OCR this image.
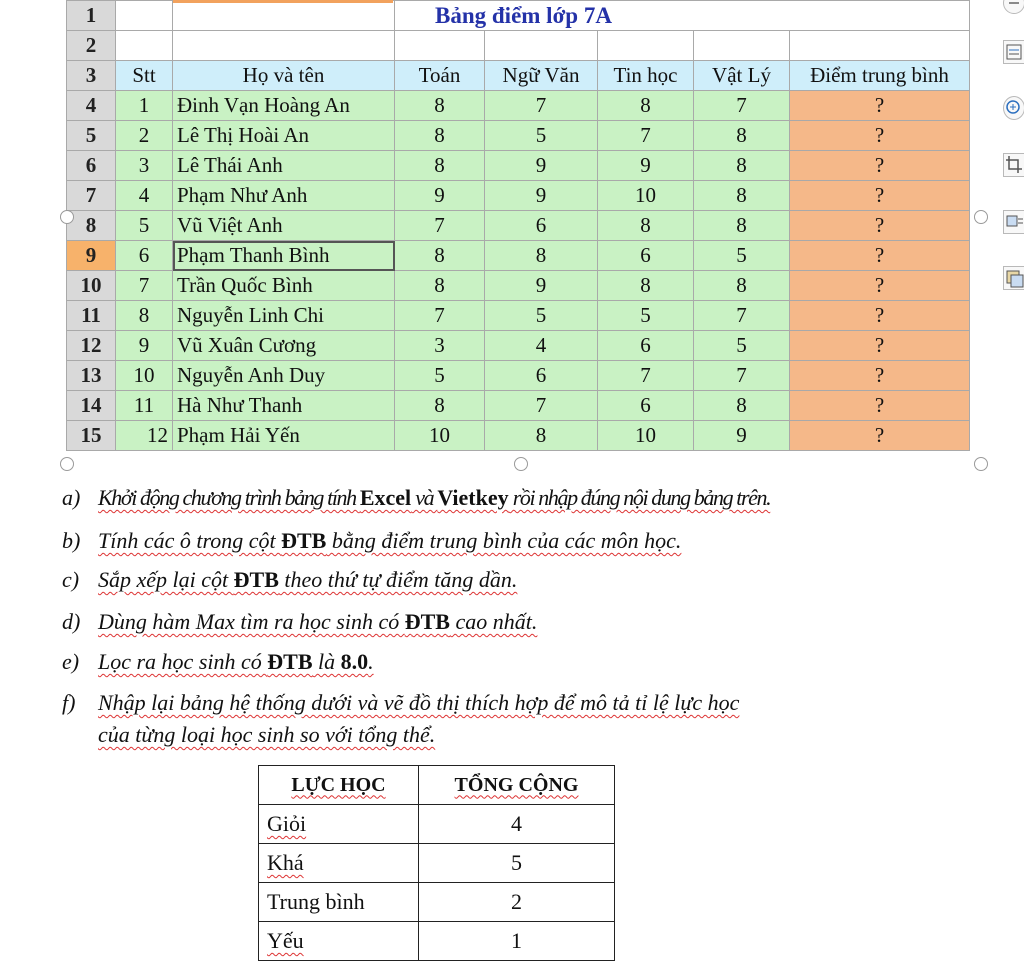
1			Bảng điểm lớp 7A				
2							
3	Stt	Họ và tên	Toán	Ngữ Văn	Tin học	Vật Lý	Điểm trung bình
4	1	Đinh Vạn Hoàng An	8	7	8	7	?
5	2	Lê Thị Hoài An	8	5	7	8	?
6	3	Lê Thái Anh	8	9	9	8	?
7	4	Phạm Như Anh	9	9	10	8	?
8	5	Vũ Việt Anh	7	6	8	8	?
9	6	Phạm Thanh Bình	8	8	6	5	?
10	7	Trần Quốc Bình	8	9	8	8	?
11	8	Nguyễn Linh Chi	7	5	5	7	?
12	9	Vũ Xuân Cương	3	4	6	5	?
13	10	Nguyễn Anh Duy	5	6	7	7	?
14	11	Hà Như Thanh	8	7	6	8	?
15	12	Phạm Hải Yến	10	8	10	9	?
a) Khởi động chương trình bảng tính Excel và Vietkey rồi nhập đúng nội dung bảng trên.
b) Tính các ô trong cột ĐTB bằng điểm trung bình của các môn học.
c) Sắp xếp lại cột ĐTB theo thứ tự điểm tăng dần.
d) Dùng hàm Max tìm ra học sinh có ĐTB cao nhất.
e) Lọc ra học sinh có ĐTB là 8.0.
f) Nhập lại bảng hệ thống dưới và vẽ đồ thị thích hợp để mô tả tỉ lệ lực học
của từng loại học sinh so với tổng thể.
LỰC HỌC	TỔNG CỘNG
Giỏi	4
Khá	5
Trung bình	2
Yếu	1
